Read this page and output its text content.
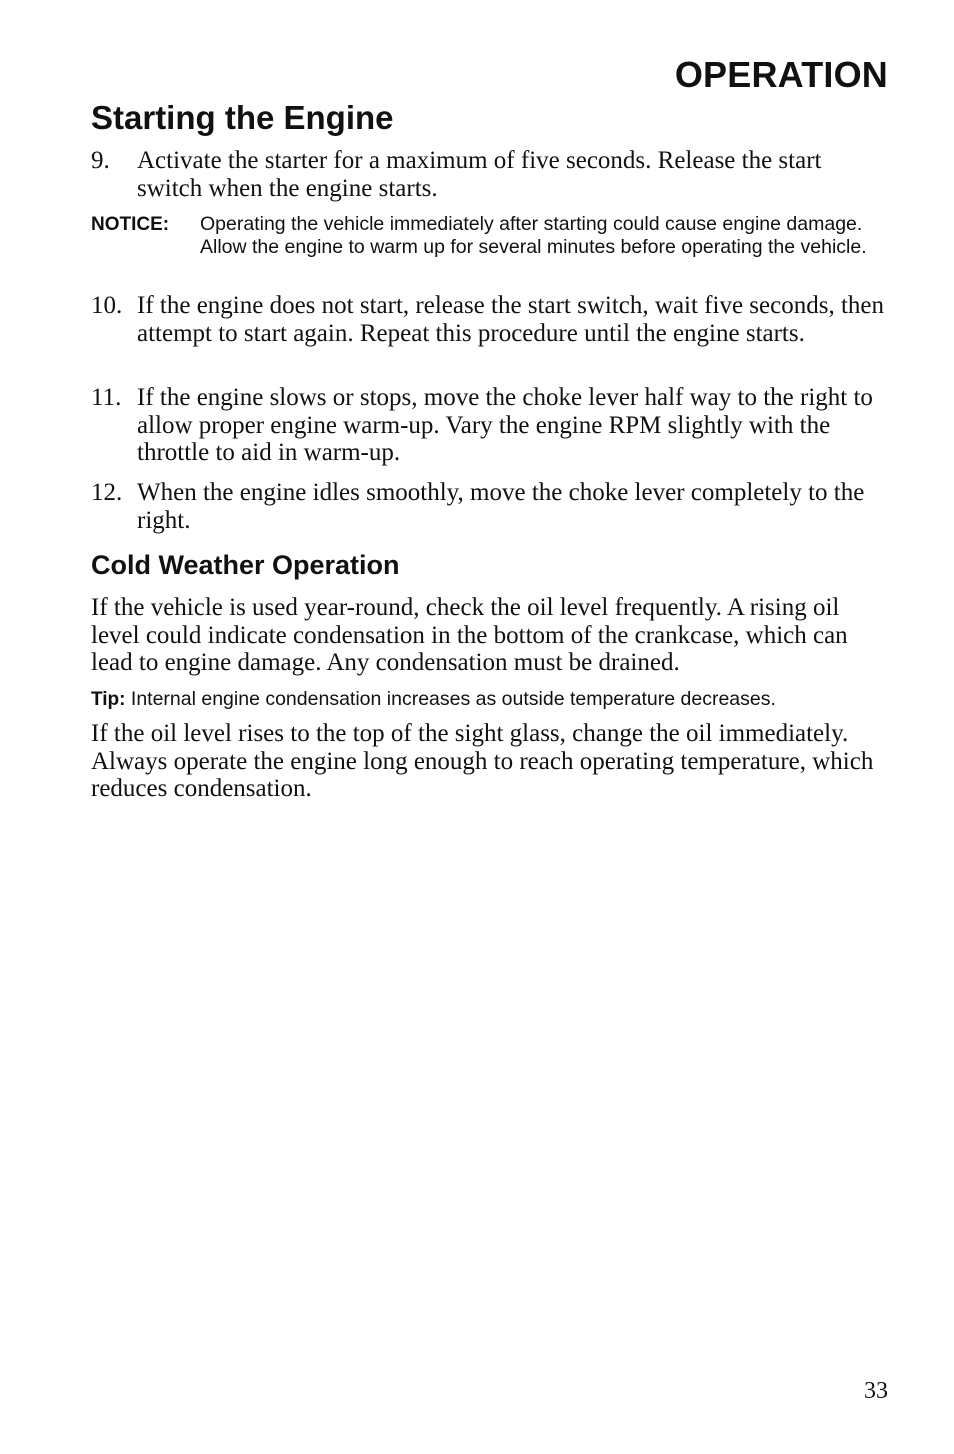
OPERATION
Starting the Engine
9.	Activate the starter for a maximum of five seconds. Release the start switch when the engine starts.
NOTICE:	Operating the vehicle immediately after starting could cause engine damage. Allow the engine to warm up for several minutes before operating the vehicle.
10. If the engine does not start, release the start switch, wait five seconds, then attempt to start again. Repeat this procedure until the engine starts.
11. If the engine slows or stops, move the choke lever half way to the right to allow proper engine warm-up. Vary the engine RPM slightly with the throttle to aid in warm-up.
12. When the engine idles smoothly, move the choke lever completely to the right.
Cold Weather Operation
If the vehicle is used year-round, check the oil level frequently. A rising oil level could indicate condensation in the bottom of the crankcase, which can lead to engine damage. Any condensation must be drained.
Tip: Internal engine condensation increases as outside temperature decreases.
If the oil level rises to the top of the sight glass, change the oil immediately. Always operate the engine long enough to reach operating temperature, which reduces condensation.
33
